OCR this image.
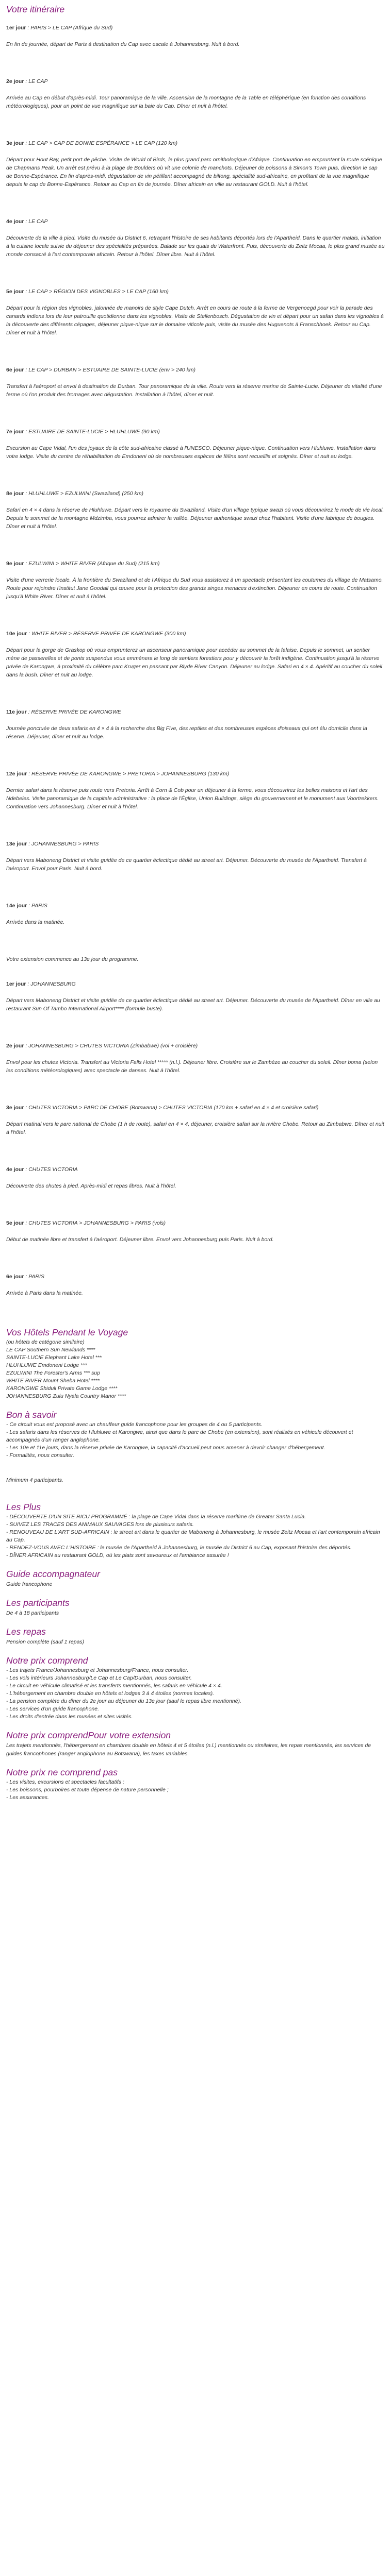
Votre itinéraire
1er jour : PARIS > LE CAP (Afrique du Sud)

En fin de journée, départ de Paris à destination du Cap avec escale à Johannesburg. Nuit à bord.

2e jour : LE CAP

Arrivée au Cap en début d'après-midi. Tour panoramique de la ville. Ascension de la montagne de la Table en téléphérique (en fonction des conditions météorologiques), pour un point de vue magnifique sur la baie du Cap. Dîner et nuit à l'hôtel.

3e jour : LE CAP > CAP DE BONNE ESPÉRANCE > LE CAP (120 km)

Départ pour Hout Bay, petit port de pêche. Visite de World of Birds, le plus grand parc ornithologique d'Afrique. Continuation en empruntant la route scénique de Chapmans Peak. Un arrêt est prévu à la plage de Boulders où vit une colonie de manchots. Déjeuner de poissons à Simon's Town puis, direction le cap de Bonne-Espérance. En fin d'après-midi, dégustation de vin pétillant accompagné de biltong, spécialité sud-africaine, en profitant de la vue magnifique depuis le cap de Bonne-Espérance. Retour au Cap en fin de journée. Dîner africain en ville au restaurant GOLD. Nuit à l'hôtel.

4e jour : LE CAP

Découverte de la ville à pied. Visite du musée du District 6, retraçant l'histoire de ses habitants déportés lors de l'Apartheid. Dans le quartier malais, initiation à la cuisine locale suivie du déjeuner des spécialités préparées. Balade sur les quais du Waterfront. Puis, découverte du Zeitz Mocaa, le plus grand musée au monde consacré à l'art contemporain africain. Retour à l'hôtel. Dîner libre. Nuit à l'hôtel.

5e jour : LE CAP > RÉGION DES VIGNOBLES > LE CAP (160 km)

Départ pour la région des vignobles, jalonnée de manoirs de style Cape Dutch. Arrêt en cours de route à la ferme de Vergenoegd pour voir la parade des canards indiens lors de leur patrouille quotidienne dans les vignobles. Visite de Stellenbosch. Dégustation de vin et départ pour un safari dans les vignobles à la découverte des différents cépages, déjeuner pique-nique sur le domaine viticole puis, visite du musée des Huguenots à Franschhoek. Retour au Cap. Dîner et nuit à l'hôtel.

6e jour : LE CAP > DURBAN > ESTUAIRE DE SAINTE-LUCIE (env > 240 km)

Transfert à l'aéroport et envol à destination de Durban. Tour panoramique de la ville. Route vers la réserve marine de Sainte-Lucie. Déjeuner de vitalité d'une ferme où l'on produit des fromages avec dégustation. Installation à l'hôtel, dîner et nuit.

7e jour : ESTUAIRE DE SAINTE-LUCIE > HLUHLUWE (90 km)

Excursion au Cape Vidal, l'un des joyaux de la côte sud-africaine classé à l'UNESCO. Déjeuner pique-nique. Continuation vers Hluhluwe. Installation dans votre lodge. Visite du centre de réhabilitation de Emdoneni où de nombreuses espèces de félins sont recueillis et soignés. Dîner et nuit au lodge.

8e jour : HLUHLUWE > EZULWINI (Swaziland) (250 km)

Safari en 4 × 4 dans la réserve de Hluhluwe. Départ vers le royaume du Swaziland. Visite d'un village typique swazi où vous découvrirez le mode de vie local. Depuis le sommet de la montagne Mdzimba, vous pourrez admirer la vallée. Déjeuner authentique swazi chez l'habitant. Visite d'une fabrique de bougies. Dîner et nuit à l'hôtel.

9e jour : EZULWINI > WHITE RIVER (Afrique du Sud) (215 km)

Visite d'une verrerie locale. À la frontière du Swaziland et de l'Afrique du Sud vous assisterez à un spectacle présentant les coutumes du village de Matsamo. Route pour rejoindre l'institut Jane Goodall qui œuvre pour la protection des grands singes menaces d'extinction. Déjeuner en cours de route. Continuation jusqu'à White River. Dîner et nuit à l'hôtel.

10e jour : WHITE RIVER > RÉSERVE PRIVÉE DE KARONGWE (300 km)

Départ pour la gorge de Graskop où vous emprunterez un ascenseur panoramique pour accéder au sommet de la falaise. Depuis le sommet, un sentier mène de passerelles et de ponts suspendus vous emmènera le long de sentiers forestiers pour y découvrir la forêt indigène. Continuation jusqu'à la réserve privée de Karongwe, à proximité du célèbre parc Kruger en passant par Blyde River Canyon. Déjeuner au lodge. Safari en 4 × 4. Apéritif au coucher du soleil dans la bush. Dîner et nuit au lodge.

11e jour : RÉSERVE PRIVÉE DE KARONGWE

Journée ponctuée de deux safaris en 4 × 4 à la recherche des Big Five, des reptiles et des nombreuses espèces d'oiseaux qui ont élu domicile dans la réserve. Déjeuner, dîner et nuit au lodge.

12e jour : RÉSERVE PRIVÉE DE KARONGWE > PRETORIA > JOHANNESBURG (130 km)

Dernier safari dans la réserve puis route vers Pretoria. Arrêt à Corn & Cob pour un déjeuner à la ferme, vous découvrirez les belles maisons et l'art des Ndebeles. Visite panoramique de la capitale administrative : la place de l'Église, Union Buildings, siège du gouvernement et le monument aux Voortrekkers. Continuation vers Johannesburg. Dîner et nuit à l'hôtel.

13e jour : JOHANNESBURG > PARIS

Départ vers Maboneng District et visite guidée de ce quartier éclectique dédié au street art. Déjeuner. Découverte du musée de l'Apartheid. Transfert à l'aéroport. Envol pour Paris. Nuit à bord.

14e jour : PARIS

Arrivée dans la matinée.

Votre extension commence au 13e jour du programme.

1er jour : JOHANNESBURG

Départ vers Maboneng District et visite guidée de ce quartier éclectique dédié au street art. Déjeuner. Découverte du musée de l'Apartheid. Dîner en ville au restaurant Sun Of Tambo International Airport**** (formule buste).

2e jour : JOHANNESBURG > CHUTES VICTORIA (Zimbabwe) (vol + croisière)

Envol pour les chutes Victoria. Transfert au Victoria Falls Hotel ***** (n.l.). Déjeuner libre. Croisière sur le Zambèze au coucher du soleil. Dîner boma (selon les conditions météorologiques) avec spectacle de danses. Nuit à l'hôtel.

3e jour : CHUTES VICTORIA > PARC DE CHOBE (Botswana) > CHUTES VICTORIA (170 km + safari en 4 × 4 et croisière safari)

Départ matinal vers le parc national de Chobe (1 h de route), safari en 4 × 4, déjeuner, croisière safari sur la rivière Chobe. Retour au Zimbabwe. Dîner et nuit à l'hôtel.

4e jour : CHUTES VICTORIA

Découverte des chutes à pied. Après-midi et repas libres. Nuit à l'hôtel.

5e jour : CHUTES VICTORIA > JOHANNESBURG > PARIS (vols)

Début de matinée libre et transfert à l'aéroport. Déjeuner libre. Envol vers Johannesburg puis Paris. Nuit à bord.

6e jour : PARIS

Arrivée à Paris dans la matinée.

Vos Hôtels Pendant le Voyage
(ou hôtels de catégorie similaire)
LE CAP Southern Sun Newlands ****
SAINTE-LUCIE Elephant Lake Hotel ***
HLUHLUWE Emdoneni Lodge ***
EZULWINI The Forester's Arms *** sup
WHITE RIVER Mount Sheba Hotel ****
KARONGWE Shiduli Private Game Lodge ****
JOHANNESBURG Zulu Nyala Country Manor ****
Bon à savoir
- Ce circuit vous est proposé avec un chauffeur guide francophone pour les groupes de 4 ou 5 participants.
- Les safaris dans les réserves de Hluhluwe et Karongwe, ainsi que dans le parc de Chobe (en extension), sont réalisés en véhicule découvert et accompagnés d'un ranger anglophone.
- Les 10e et 11e jours, dans la réserve privée de Karongwe, la capacité d'accueil peut nous amener à devoir changer d'hébergement.
- Formalités, nous consulter.

Minimum 4 participants.

Les Plus
- DÉCOUVERTE D'UN SITE RICU PROGRAMMÉ : la plage de Cape Vidal dans la réserve maritime de Greater Santa Lucia.
- SUIVEZ LES TRACES DES ANIMAUX SAUVAGES lors de plusieurs safaris.
- RENOUVEAU DE L'ART SUD-AFRICAIN : le street art dans le quartier de Maboneng à Johannesburg, le musée Zeitz Mocaa et l'art contemporain africain au Cap.
- RENDEZ-VOUS AVEC L'HISTOIRE : le musée de l'Apartheid à Johannesburg, le musée du District 6 au Cap, exposant l'histoire des déportés.
- DÎNER AFRICAIN au restaurant GOLD, où les plats sont savoureux et l'ambiance assurée !
Guide accompagnateur

Guide francophone

Les participants

De 4 à 18 participants

Les repas

Pension complète (sauf 1 repas)

Notre prix comprend
- Les trajets France/Johannesburg et Johannesburg/France, nous consulter.
- Les vols intérieurs Johannesburg/Le Cap et Le Cap/Durban, nous consulter.
- Le circuit en véhicule climatisé et les transferts mentionnés, les safaris en véhicule 4 × 4.
- L'hébergement en chambre double en hôtels et lodges 3 à 4 étoiles (normes locales).
- La pension complète du dîner du 2e jour au déjeuner du 13e jour (sauf le repas libre mentionné).
- Les services d'un guide francophone.
- Les droits d'entrée dans les musées et sites visités.
Notre prix comprendPour votre extension

Les trajets mentionnés, l'hébergement en chambres double en hôtels 4 et 5 étoiles (n.l.) mentionnés ou similaires, les repas mentionnés, les services de guides francophones (ranger anglophone au Botswana), les taxes variables.

Notre prix ne comprend pas
- Les visites, excursions et spectacles facultatifs ;
- Les boissons, pourboires et toute dépense de nature personnelle ;
- Les assurances.
